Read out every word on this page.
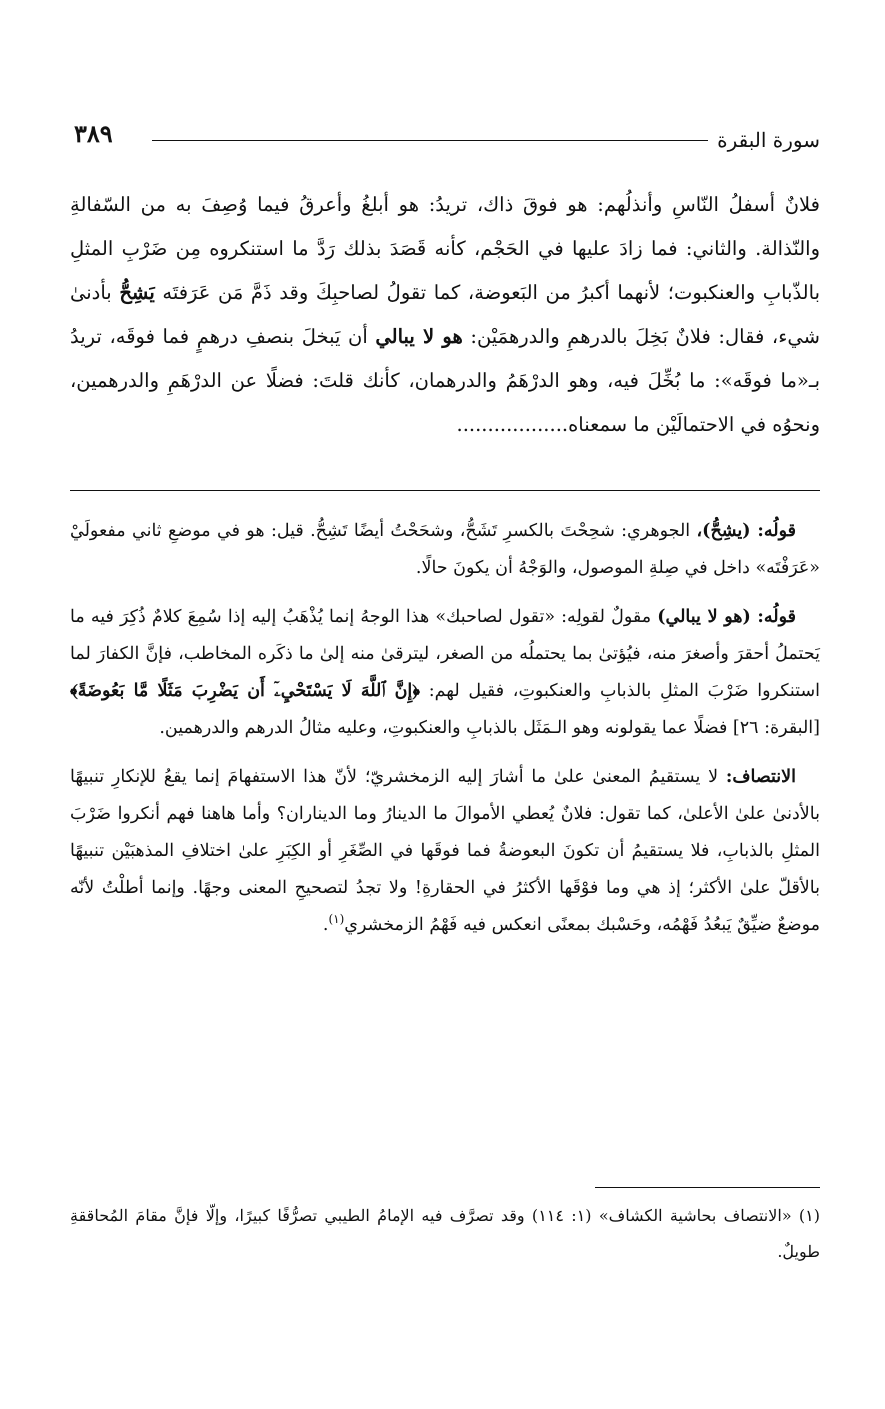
سورة البقرة
٣٨٩
فلانٌ أسفلُ النّاسِ وأنذلُهم: هو فوقَ ذاك، تريدُ: هو أبلغُ وأعرقُ فيما وُصِفَ به من السّفالةِ والنّذالة. والثاني: فما زادَ عليها في الحَجْم، كأنه قَصَدَ بذلك رَدَّ ما استنكروه مِن ضَرْبِ المثلِ بالذّبابِ والعنكبوت؛ لأنهما أكبرُ من البَعوضة، كما تقولُ لصاحبِكَ وقد ذَمَّ مَن عَرَفتَه يَشِحُّ بأدنىٰ شيء، فقال: فلانٌ بَخِلَ بالدرهمِ والدرهمَيْن: هو لا يبالي أن يَبخلَ بنصفِ درهمٍ فما فوقَه، تريدُ بـ«ما فوقَه»: ما بُخِّلَ فيه، وهو الدرْهَمُ والدرهمان، كأنك قلتَ: فضلًا عن الدرْهَمِ والدرهمين، ونحوُه في الاحتمالَيْن ما سمعناه..................

قولُه: (يشِحُّ)، الجوهري: شحِحْتَ بالكسرِ تَشَحُّ، وشحَحْتُ أيضًا تَشِحُّ. قيل: هو في موضعِ ثاني مفعولَيْ «عَرَفْتَه» داخل في صِلةِ الموصول، والوَجْهُ أن يكونَ حالًا.

قولُه: (هو لا يبالي) مقولٌ لقولِه: «تقول لصاحبك» هذا الوجهُ إنما يُذْهَبُ إليه إذا سُمِعَ كلامٌ ذُكِرَ فيه ما يَحتملُ أحقرَ وأصغرَ منه، فيُؤتىٰ بما يحتملُه من الصغر، ليترقىٰ منه إلىٰ ما ذكَره المخاطب، فإنَّ الكفارَ لما استنكروا ضَرْبَ المثلِ بالذبابِ والعنكبوتِ، فقيل لهم: ﴿إِنَّ ٱللَّهَ لَا يَسْتَحْيِۦٓ أَن يَضْرِبَ مَثَلًا مَّا بَعُوضَةً﴾ [البقرة: ٢٦] فضلًا عما يقولونه وهو الـمَثَل بالذبابِ والعنكبوتِ، وعليه مثالُ الدرهم والدرهمين.

الانتصاف: لا يستقيمُ المعنىٰ علىٰ ما أشارَ إليه الزمخشريّ؛ لأنّ هذا الاستفهامَ إنما يقعُ للإنكارِ تنبيهًا بالأدنىٰ علىٰ الأعلىٰ، كما تقول: فلانٌ يُعطي الأموالَ ما الدينارُ وما الديناران؟ وأما هاهنا فهم أنكروا ضَرْبَ المثلِ بالذبابِ، فلا يستقيمُ أن تكونَ البعوضةُ فما فوقَها في الصِّغَرِ أو الكِبَرِ علىٰ اختلافِ المذهبَيْن تنبيهًا بالأقلّ علىٰ الأكثر؛ إذ هي وما فوْقَها الأكثرُ في الحقارةِ! ولا تجدُ لتصحيحِ المعنى وجهًا. وإنما أطلْتُ لأنّه موضعٌ ضيِّقٌ يَبعُدُ فَهْمُه، وحَسْبك بمعنًى انعكس فيه فَهْمُ الزمخشري$^{(١)}$.

(١) «الانتصاف بحاشية الكشاف» (١: ١١٤) وقد تصرَّف فيه الإمامُ الطيبي تصرُّفًا كبيرًا، وإلّا فإنَّ مقامَ المُحاققةِ طويلٌ.
